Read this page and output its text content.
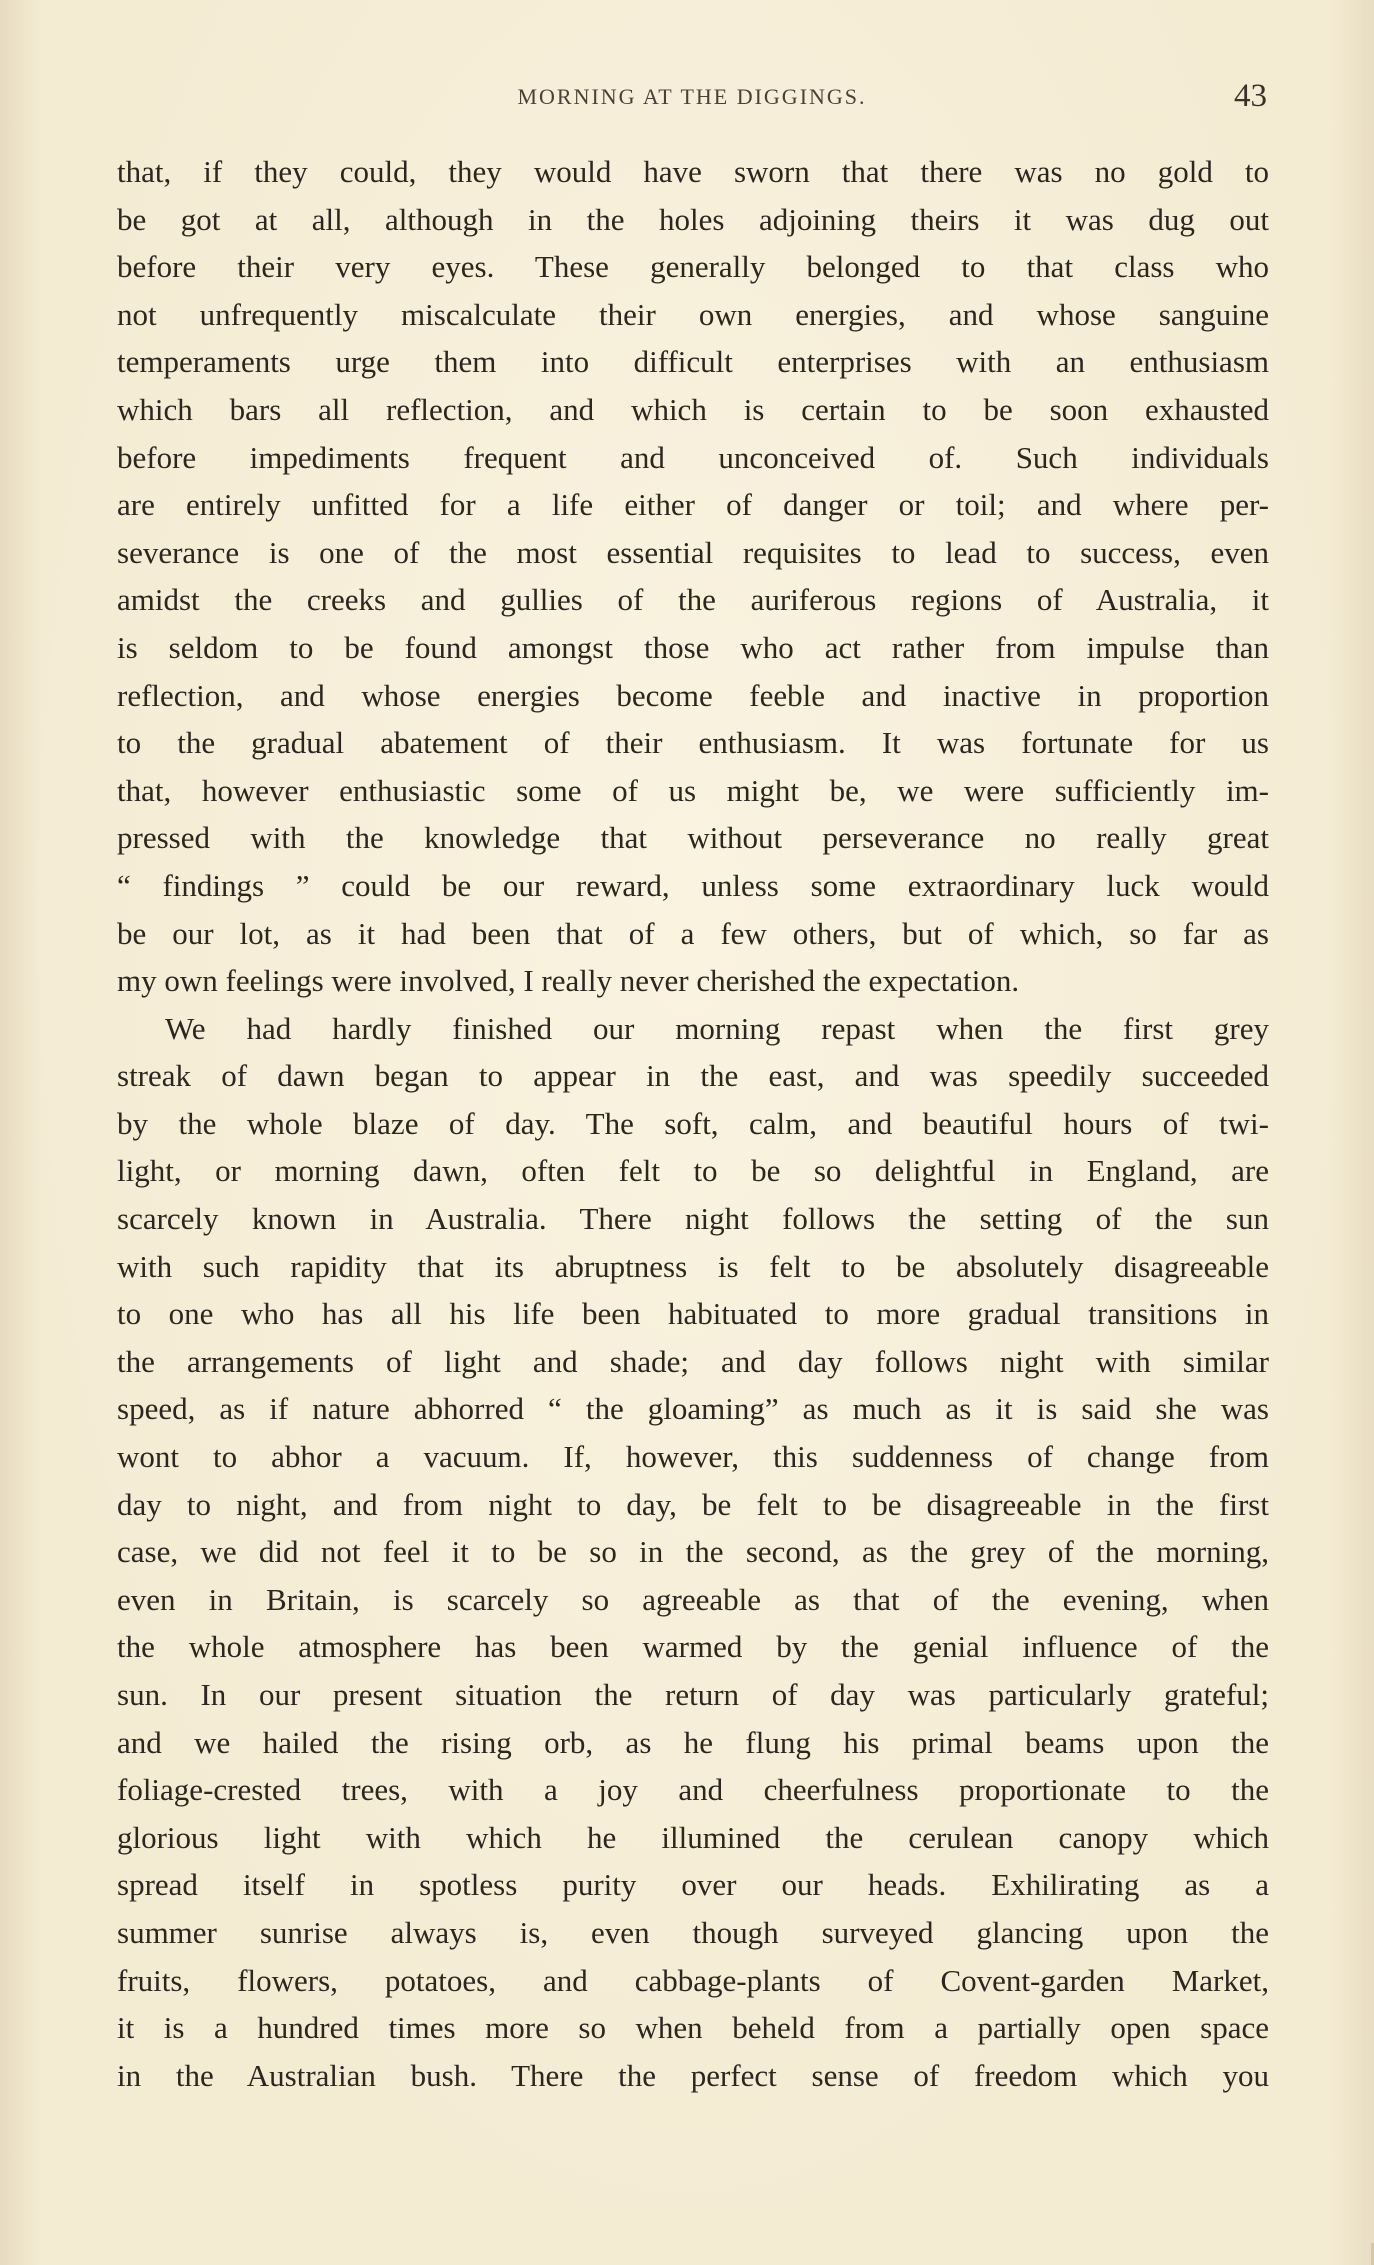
MORNING AT THE DIGGINGS.	43
that, if they could, they would have sworn that there was no gold to
be got at all, although in the holes adjoining theirs it was dug out
before their very eyes. These generally belonged to that class who
not unfrequently miscalculate their own energies, and whose sanguine
temperaments urge them into difficult enterprises with an enthusiasm
which bars all reflection, and which is certain to be soon exhausted
before impediments frequent and unconceived of. Such individuals
are entirely unfitted for a life either of danger or toil; and where per-
severance is one of the most essential requisites to lead to success, even
amidst the creeks and gullies of the auriferous regions of Australia, it
is seldom to be found amongst those who act rather from impulse than
reflection, and whose energies become feeble and inactive in proportion
to the gradual abatement of their enthusiasm. It was fortunate for us
that, however enthusiastic some of us might be, we were sufficiently im-
pressed with the knowledge that without perseverance no really great
“ findings ” could be our reward, unless some extraordinary luck would
be our lot, as it had been that of a few others, but of which, so far as
my own feelings were involved, I really never cherished the expectation.
We had hardly finished our morning repast when the first grey
streak of dawn began to appear in the east, and was speedily succeeded
by the whole blaze of day. The soft, calm, and beautiful hours of twi-
light, or morning dawn, often felt to be so delightful in England, are
scarcely known in Australia. There night follows the setting of the sun
with such rapidity that its abruptness is felt to be absolutely disagreeable
to one who has all his life been habituated to more gradual transitions in
the arrangements of light and shade; and day follows night with similar
speed, as if nature abhorred “ the gloaming” as much as it is said she was
wont to abhor a vacuum. If, however, this suddenness of change from
day to night, and from night to day, be felt to be disagreeable in the first
case, we did not feel it to be so in the second, as the grey of the morning,
even in Britain, is scarcely so agreeable as that of the evening, when
the whole atmosphere has been warmed by the genial influence of the
sun. In our present situation the return of day was particularly grateful;
and we hailed the rising orb, as he flung his primal beams upon the
foliage-crested trees, with a joy and cheerfulness proportionate to the
glorious light with which he illumined the cerulean canopy which
spread itself in spotless purity over our heads. Exhilirating as a
summer sunrise always is, even though surveyed glancing upon the
fruits, flowers, potatoes, and cabbage-plants of Covent-garden Market,
it is a hundred times more so when beheld from a partially open space
in the Australian bush. There the perfect sense of freedom which you
